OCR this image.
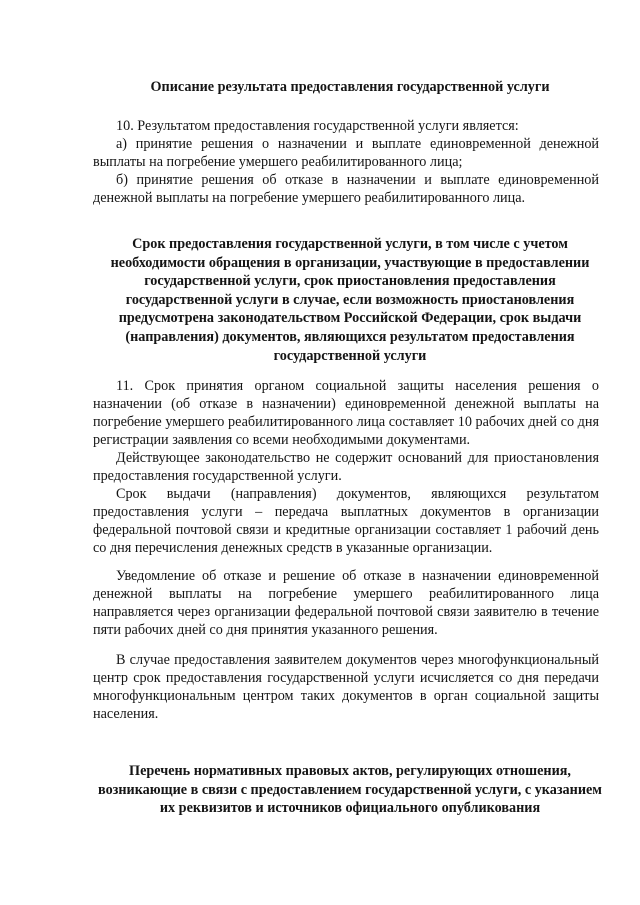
Описание результата предоставления государственной услуги
10. Результатом предоставления государственной услуги является:
а) принятие решения о назначении и выплате единовременной денежной выплаты на погребение умершего реабилитированного лица;
б) принятие решения об отказе в назначении и выплате единовременной денежной выплаты на погребение умершего реабилитированного лица.
Срок предоставления государственной услуги, в том числе с учетом необходимости обращения в организации, участвующие в предоставлении государственной услуги, срок приостановления предоставления государственной услуги в случае, если возможность приостановления предусмотрена законодательством Российской Федерации, срок выдачи (направления) документов, являющихся результатом предоставления государственной услуги
11. Срок принятия органом социальной защиты населения решения о назначении (об отказе в назначении) единовременной денежной выплаты на погребение умершего реабилитированного лица составляет 10 рабочих дней со дня регистрации заявления со всеми необходимыми документами.
Действующее законодательство не содержит оснований для приостановления предоставления государственной услуги.
Срок выдачи (направления) документов, являющихся результатом предоставления услуги – передача выплатных документов в организации федеральной почтовой связи и кредитные организации составляет 1 рабочий день со дня перечисления денежных средств в указанные организации.
Уведомление об отказе и решение об отказе в назначении единовременной денежной выплаты на погребение умершего реабилитированного лица направляется через организации федеральной почтовой связи заявителю в течение пяти рабочих дней со дня принятия указанного решения.
В случае предоставления заявителем документов через многофункциональный центр срок предоставления государственной услуги исчисляется со дня передачи многофункциональным центром таких документов в орган социальной защиты населения.
Перечень нормативных правовых актов, регулирующих отношения, возникающие в связи с предоставлением государственной услуги, с указанием их реквизитов и источников официального опубликования
